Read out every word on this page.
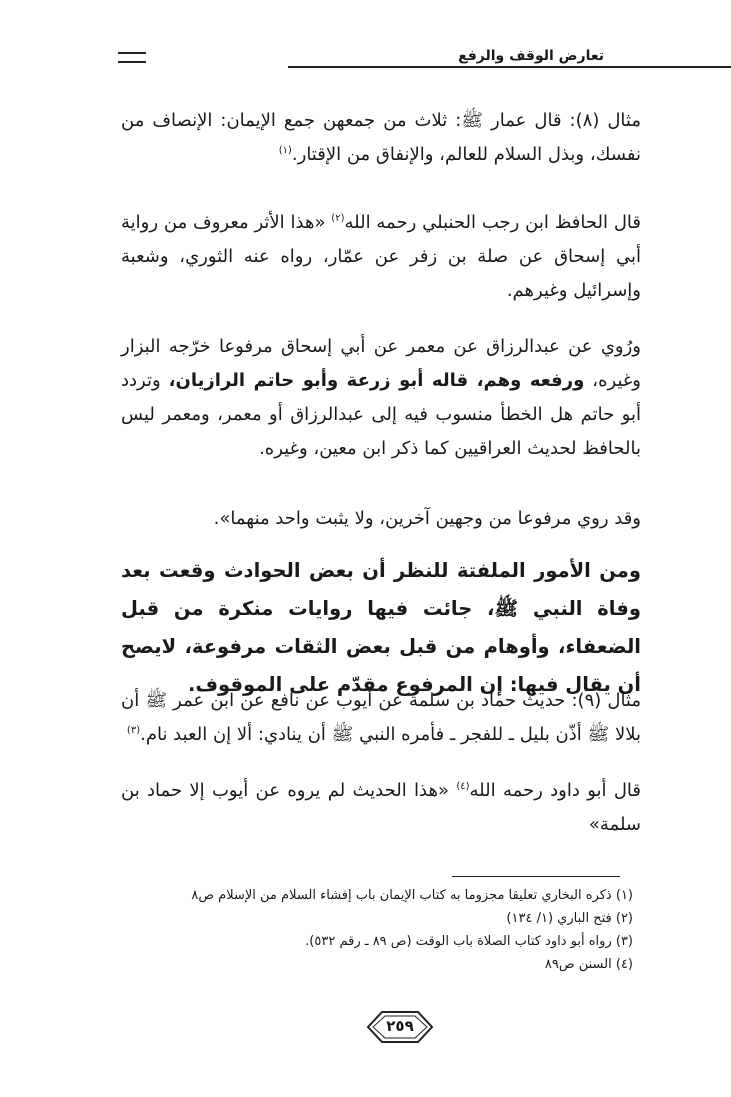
تعارض الوقف والرفع
مثال (٨): قال عمار ﷺ: ثلاث من جمعهن جمع الإيمان: الإنصاف من نفسك، وبذل السلام للعالم، والإنفاق من الإقتار.$^{(١)}$
قال الحافظ ابن رجب الحنبلي رحمه الله$^{(٢)}$ «هذا الأثر معروف من رواية أبي إسحاق عن صلة بن زفر عن عمّار، رواه عنه الثوري، وشعبة وإسرائيل وغيرهم.
ورُوي عن عبدالرزاق عن معمر عن أبي إسحاق مرفوعا خرّجه البزار وغيره، ورفعه وهم، قاله أبو زرعة وأبو حاتم الرازيان، وتردد أبو حاتم هل الخطأ منسوب فيه إلى عبدالرزاق أو معمر، ومعمر ليس بالحافظ لحديث العراقيين كما ذكر ابن معين، وغيره.
وقد روي مرفوعا من وجهين آخرين، ولا يثبت واحد منهما».
ومن الأمور الملفتة للنظر أن بعض الحوادث وقعت بعد وفاة النبي ﷺ، جائت فيها روايات منكرة من قبل الضعفاء، وأوهام من قبل بعض الثقات مرفوعة، لايصح أن يقال فيها: إن المرفوع مقدّم على الموقوف.
مثال (٩): حديث حماد بن سلمة عن أيوب عن نافع عن ابن عمر ﷺ أن بلالا ﷺ أذّن بليل ـ للفجر ـ فأمره النبي ﷺ أن ينادي: ألا إن العبد نام.$^{(٣)}$
قال أبو داود رحمه الله$^{(٤)}$ «هذا الحديث لم يروه عن أيوب إلا حماد بن سلمة»
(١) ذكره البخاري تعليقا مجزوما به كتاب الإيمان باب إفشاء السلام من الإسلام ص٨
(٢) فتح الباري (١/ ١٣٤)
(٣) رواه أبو داود كتاب الصلاة باب الوقت (ص ٨٩ ـ رقم ٥٣٢).
(٤) السنن ص٨٩
٢٥٩
